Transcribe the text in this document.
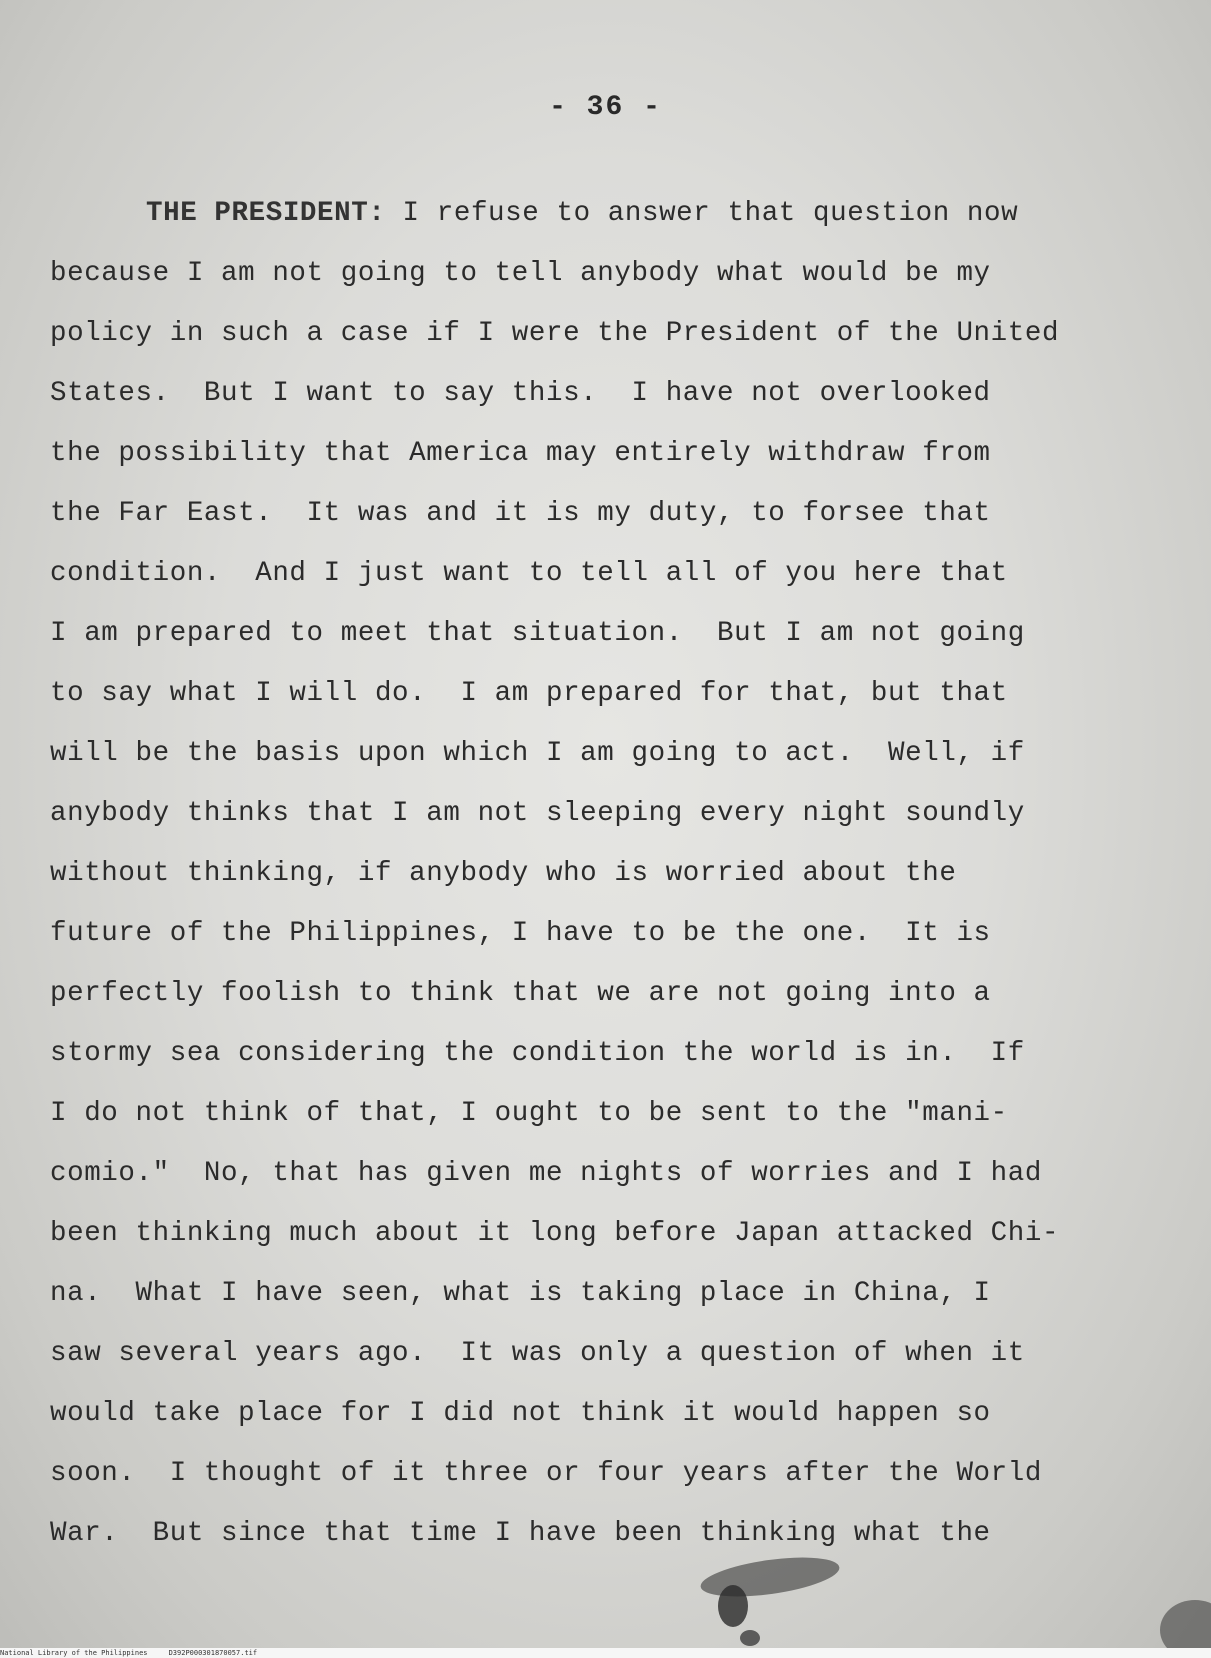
- 36 -
THE PRESIDENT: I refuse to answer that question now
because I am not going to tell anybody what would be my
policy in such a case if I were the President of the United
States.  But I want to say this.  I have not overlooked
the possibility that America may entirely withdraw from
the Far East.  It was and it is my duty, to forsee that
condition.  And I just want to tell all of you here that
I am prepared to meet that situation.  But I am not going
to say what I will do.  I am prepared for that, but that
will be the basis upon which I am going to act.  Well, if
anybody thinks that I am not sleeping every night soundly
without thinking, if anybody who is worried about the
future of the Philippines, I have to be the one.  It is
perfectly foolish to think that we are not going into a
stormy sea considering the condition the world is in.  If
I do not think of that, I ought to be sent to the "mani-
comio."  No, that has given me nights of worries and I had
been thinking much about it long before Japan attacked Chi-
na.  What I have seen, what is taking place in China, I
saw several years ago.  It was only a question of when it
would take place for I did not think it would happen so
soon.  I thought of it three or four years after the World
War.  But since that time I have been thinking what the
National Library of the Philippines	D392P000301870057.tif
